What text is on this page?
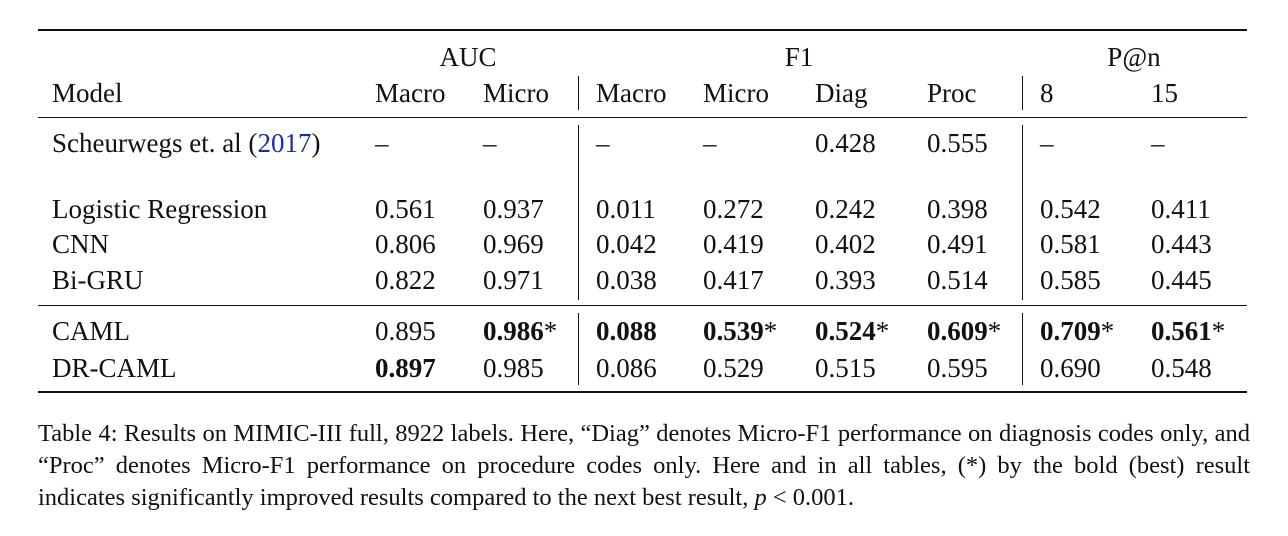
AUC	F1	P@n
Model	Macro Micro Macro Micro Diag Proc 8	15
Scheurwegs et. al (2017) –	–	–	–	0.428 0.555 –	–
Logistic Regression	0.561 0.937 0.011 0.272 0.242 0.398 0.542 0.411
CNN	0.806 0.969 0.042 0.419 0.402 0.491 0.581 0.443
Bi-GRU	0.822 0.971 0.038 0.417 0.393 0.514 0.585 0.445
CAML	0.895 0.986* 0.088 0.539* 0.524* 0.609* 0.709* 0.561*
DR-CAML	0.897 0.985 0.086 0.529 0.515 0.595 0.690 0.548

Table 4: Results on MIMIC-III full, 8922 labels. Here, “Diag” denotes Micro-F1 performance on diagnosis codes only, and “Proc” denotes Micro-F1 performance on procedure codes only. Here and in all tables, (*) by the bold (best) result indicates significantly improved results compared to the next best result, p < 0.001.
